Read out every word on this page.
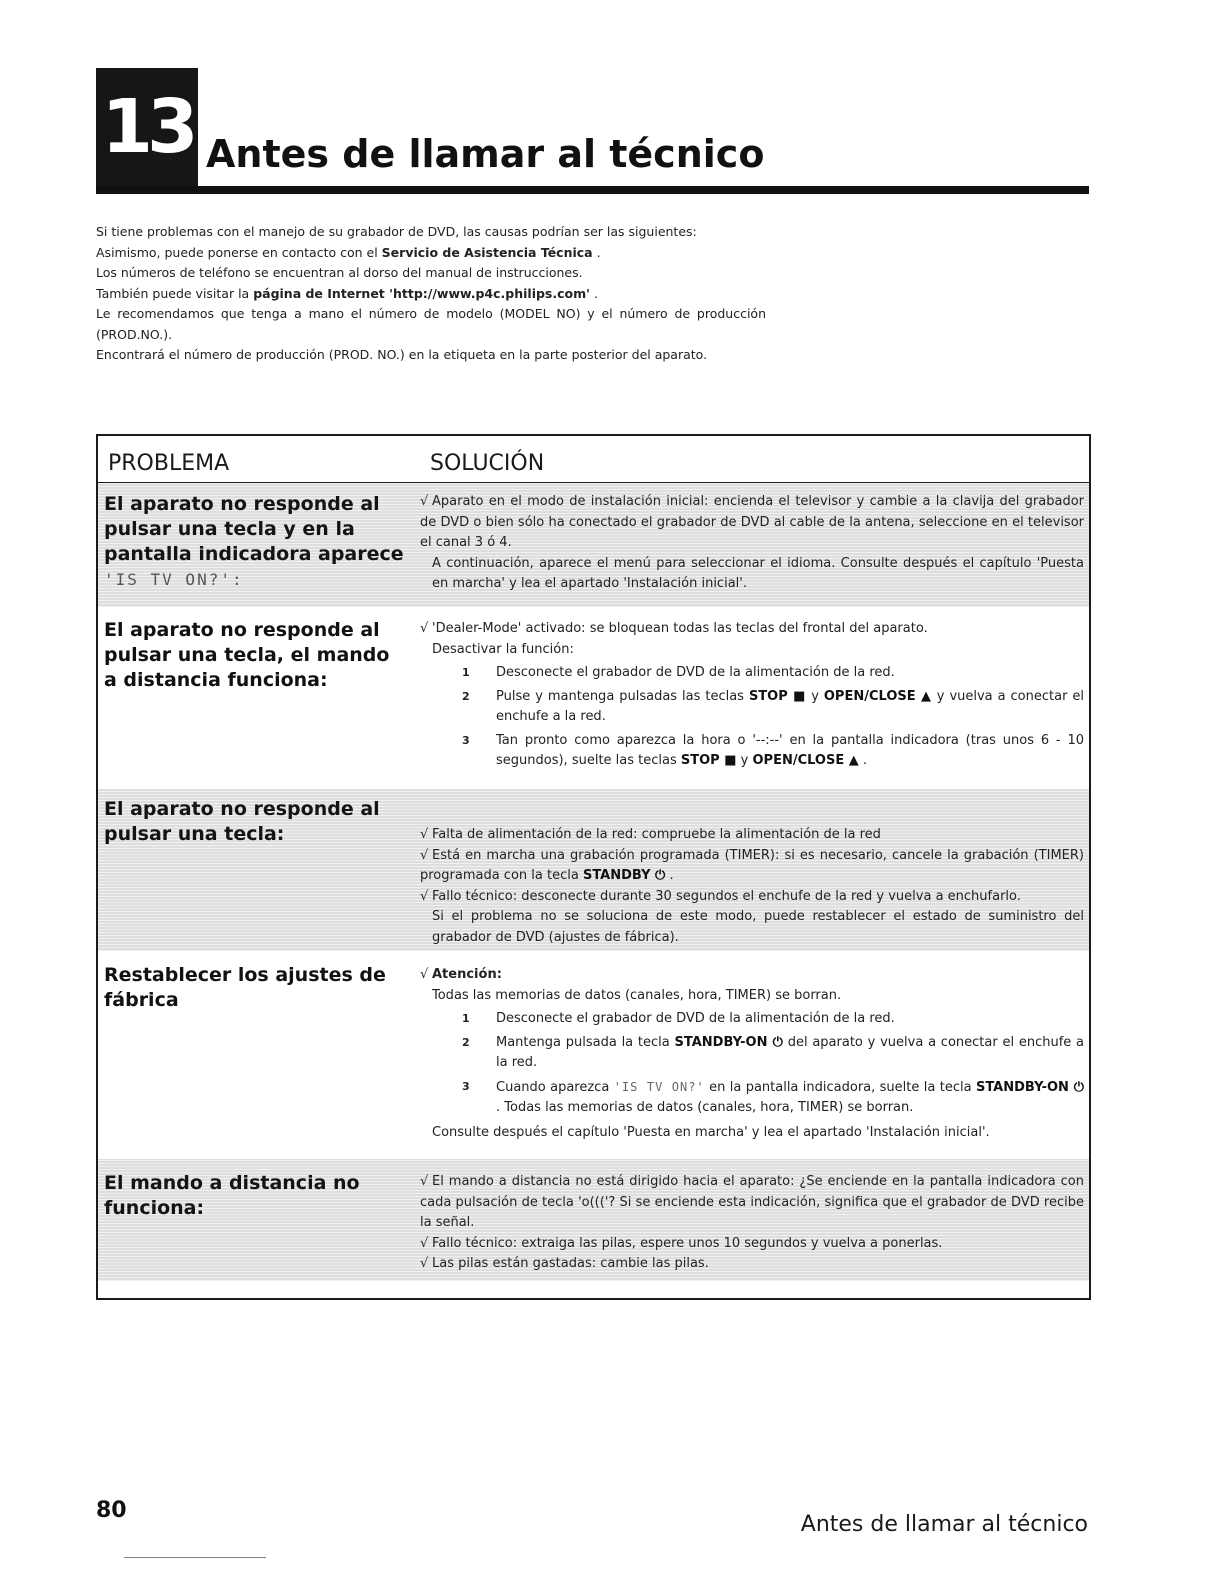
13 Antes de llamar al técnico

Si tiene problemas con el manejo de su grabador de DVD, las causas podrían ser las siguientes:

Asimismo, puede ponerse en contacto con el Servicio de Asistencia Técnica .

Los números de teléfono se encuentran al dorso del manual de instrucciones.

También puede visitar la página de Internet 'http://www.p4c.philips.com' .

Le recomendamos que tenga a mano el número de modelo (MODEL NO) y el número de producción (PROD.NO.).

Encontrará el número de producción (PROD. NO.) en la etiqueta en la parte posterior del aparato.

PROBLEMA	SOLUCIÓN
El aparato no responde al pulsar una tecla y en la pantalla indicadora aparece 'IS TV ON?':

√ Aparato en el modo de instalación inicial: encienda el televisor y cambie a la clavija del grabador de DVD o bien sólo ha conectado el grabador de DVD al cable de la antena, seleccione en el televisor el canal 3 ó 4.

A continuación, aparece el menú para seleccionar el idioma. Consulte después el capítulo 'Puesta en marcha' y lea el apartado 'Instalación inicial'.

El aparato no responde al pulsar una tecla, el mando a distancia funciona:

√ 'Dealer-Mode' activado: se bloquean todas las teclas del frontal del aparato.

Desactivar la función:

1 Desconecte el grabador de DVD de la alimentación de la red.
2 Pulse y mantenga pulsadas las teclas STOP ■ y OPEN/CLOSE ▲ y vuelva a conectar el enchufe a la red.
3 Tan pronto como aparezca la hora o '--:--' en la pantalla indicadora (tras unos 6 - 10 segundos), suelte las teclas STOP ■ y OPEN/CLOSE ▲ .
El aparato no responde al pulsar una tecla:	√ Falta de alimentación de la red: compruebe la alimentación de la red

√ Está en marcha una grabación programada (TIMER): si es necesario, cancele la grabación (TIMER) programada con la tecla STANDBY ⏻ .

√ Fallo técnico: desconecte durante 30 segundos el enchufe de la red y vuelva a enchufarlo.

Si el problema no se soluciona de este modo, puede restablecer el estado de suministro del grabador de DVD (ajustes de fábrica).

Restablecer los ajustes de fábrica

√ Atención:

Todas las memorias de datos (canales, hora, TIMER) se borran.

1 Desconecte el grabador de DVD de la alimentación de la red.
2 Mantenga pulsada la tecla STANDBY-ON ⏻ del aparato y vuelva a conectar el enchufe a la red.
3 Cuando aparezca 'IS TV ON?' en la pantalla indicadora, suelte la tecla STANDBY-ON ⏻ . Todas las memorias de datos (canales, hora, TIMER) se borran.

Consulte después el capítulo 'Puesta en marcha' y lea el apartado 'Instalación inicial'.

El mando a distancia no funciona:

√ El mando a distancia no está dirigido hacia el aparato: ¿Se enciende en la pantalla indicadora con cada pulsación de tecla 'o((('? Si se enciende esta indicación, significa que el grabador de DVD recibe la señal.

√ Fallo técnico: extraiga las pilas, espere unos 10 segundos y vuelva a ponerlas.

√ Las pilas están gastadas: cambie las pilas.

80
Antes de llamar al técnico
